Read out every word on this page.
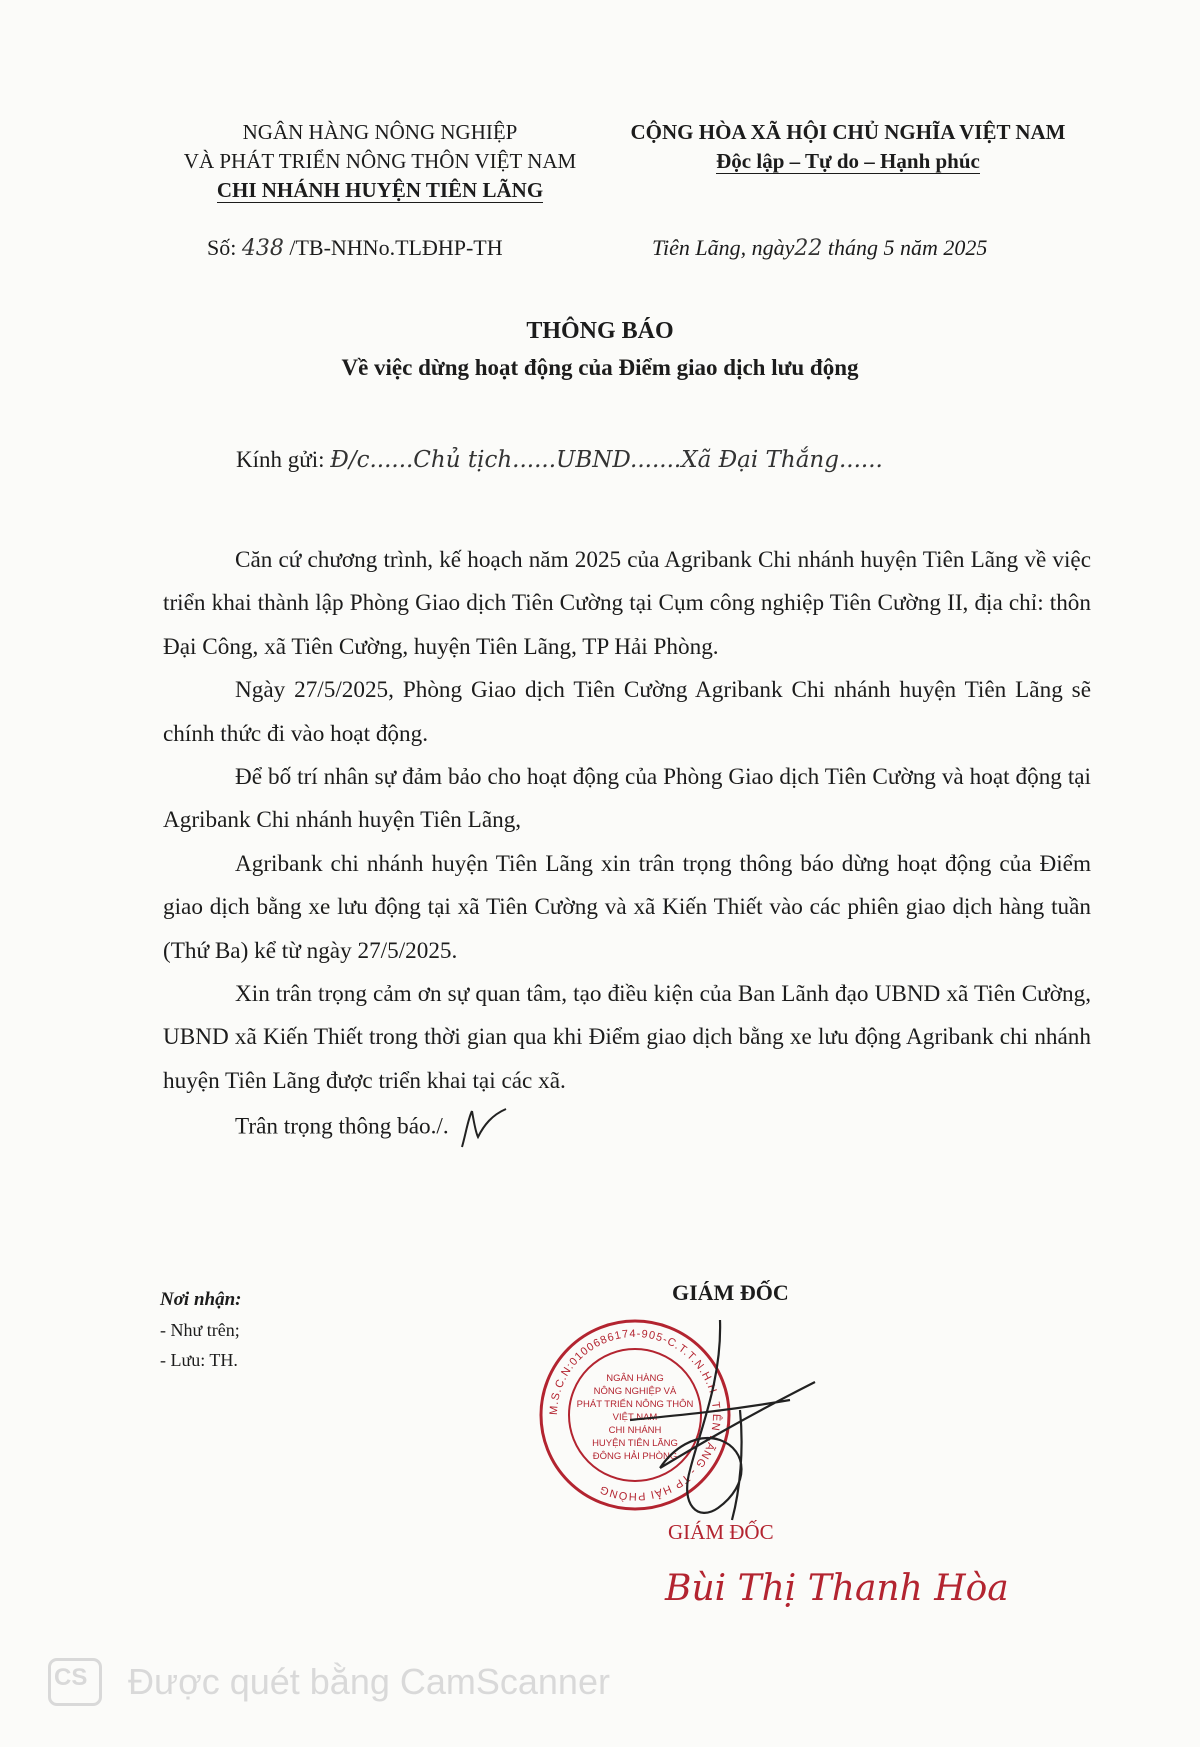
NGÂN HÀNG NÔNG NGHIỆP
VÀ PHÁT TRIỂN NÔNG THÔN VIỆT NAM
CHI NHÁNH HUYỆN TIÊN LÃNG
CỘNG HÒA XÃ HỘI CHỦ NGHĨA VIỆT NAM
Độc lập – Tự do – Hạnh phúc
Số: 438 /TB-NHNo.TLĐHP-TH	Tiên Lãng, ngày22 tháng 5 năm 2025
THÔNG BÁO
Về việc dừng hoạt động của Điểm giao dịch lưu động
Kính gửi: Đ/c......Chủ tịch......UBND.......Xã Đại Thắng......

Căn cứ chương trình, kế hoạch năm 2025 của Agribank Chi nhánh huyện Tiên Lãng về việc triển khai thành lập Phòng Giao dịch Tiên Cường tại Cụm công nghiệp Tiên Cường II, địa chỉ: thôn Đại Công, xã Tiên Cường, huyện Tiên Lãng, TP Hải Phòng.

Ngày 27/5/2025, Phòng Giao dịch Tiên Cường Agribank Chi nhánh huyện Tiên Lãng sẽ chính thức đi vào hoạt động.

Để bố trí nhân sự đảm bảo cho hoạt động của Phòng Giao dịch Tiên Cường và hoạt động tại Agribank Chi nhánh huyện Tiên Lãng,

Agribank chi nhánh huyện Tiên Lãng xin trân trọng thông báo dừng hoạt động của Điểm giao dịch bằng xe lưu động tại xã Tiên Cường và xã Kiến Thiết vào các phiên giao dịch hàng tuần (Thứ Ba) kể từ ngày 27/5/2025.

Xin trân trọng cảm ơn sự quan tâm, tạo điều kiện của Ban Lãnh đạo UBND xã Tiên Cường, UBND xã Kiến Thiết trong thời gian qua khi Điểm giao dịch bằng xe lưu động Agribank chi nhánh huyện Tiên Lãng được triển khai tại các xã.

Trân trọng thông báo./.

Nơi nhận:
- Như trên;
- Lưu: TH.
GIÁM ĐỐC
M.S.C.N:0100686174-905-C.T.T.N.H.H. TIÊN LÃNG - TP HẢI PHÒNG
NGÂN HÀNG
NÔNG NGHIỆP VÀ
PHÁT TRIỂN NÔNG THÔN
VIỆT NAM
CHI NHÁNH
HUYỆN TIÊN LÃNG
ĐÔNG HẢI PHÒNG
GIÁM ĐỐC
Bùi Thị Thanh Hòa
CS Được quét bằng CamScanner
